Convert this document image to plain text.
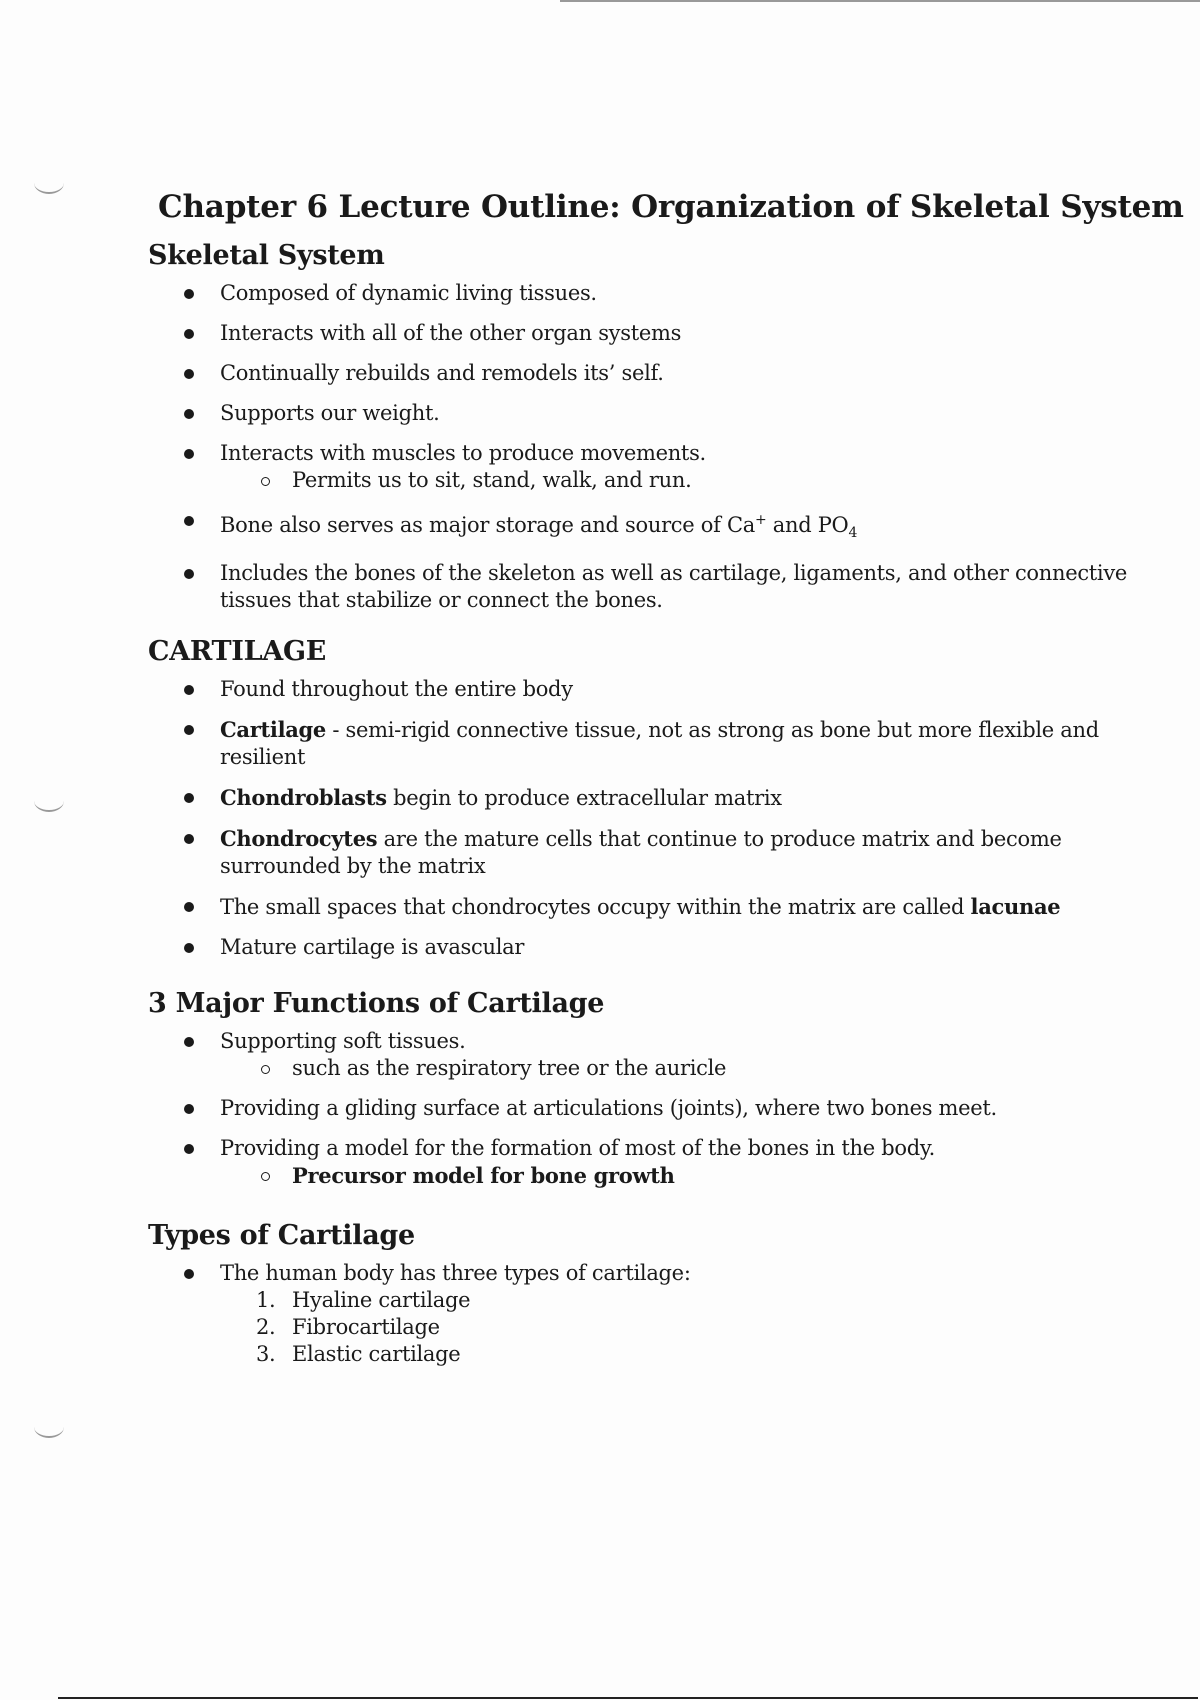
Chapter 6 Lecture Outline: Organization of Skeletal System
Skeletal System
Composed of dynamic living tissues.
Interacts with all of the other organ systems
Continually rebuilds and remodels its’ self.
Supports our weight.
Interacts with muscles to produce movements.
Permits us to sit, stand, walk, and run.
Bone also serves as major storage and source of Ca+ and $PO_4$
Includes the bones of the skeleton as well as cartilage, ligaments, and other connective tissues that stabilize or connect the bones.
CARTILAGE
Found throughout the entire body
Cartilage - semi-rigid connective tissue, not as strong as bone but more flexible and resilient
Chondroblasts begin to produce extracellular matrix
Chondrocytes are the mature cells that continue to produce matrix and become surrounded by the matrix
The small spaces that chondrocytes occupy within the matrix are called lacunae
Mature cartilage is avascular
3 Major Functions of Cartilage
Supporting soft tissues.
such as the respiratory tree or the auricle
Providing a gliding surface at articulations (joints), where two bones meet.
Providing a model for the formation of most of the bones in the body.
Precursor model for bone growth
Types of Cartilage
The human body has three types of cartilage:
1. Hyaline cartilage
2. Fibrocartilage
3. Elastic cartilage
